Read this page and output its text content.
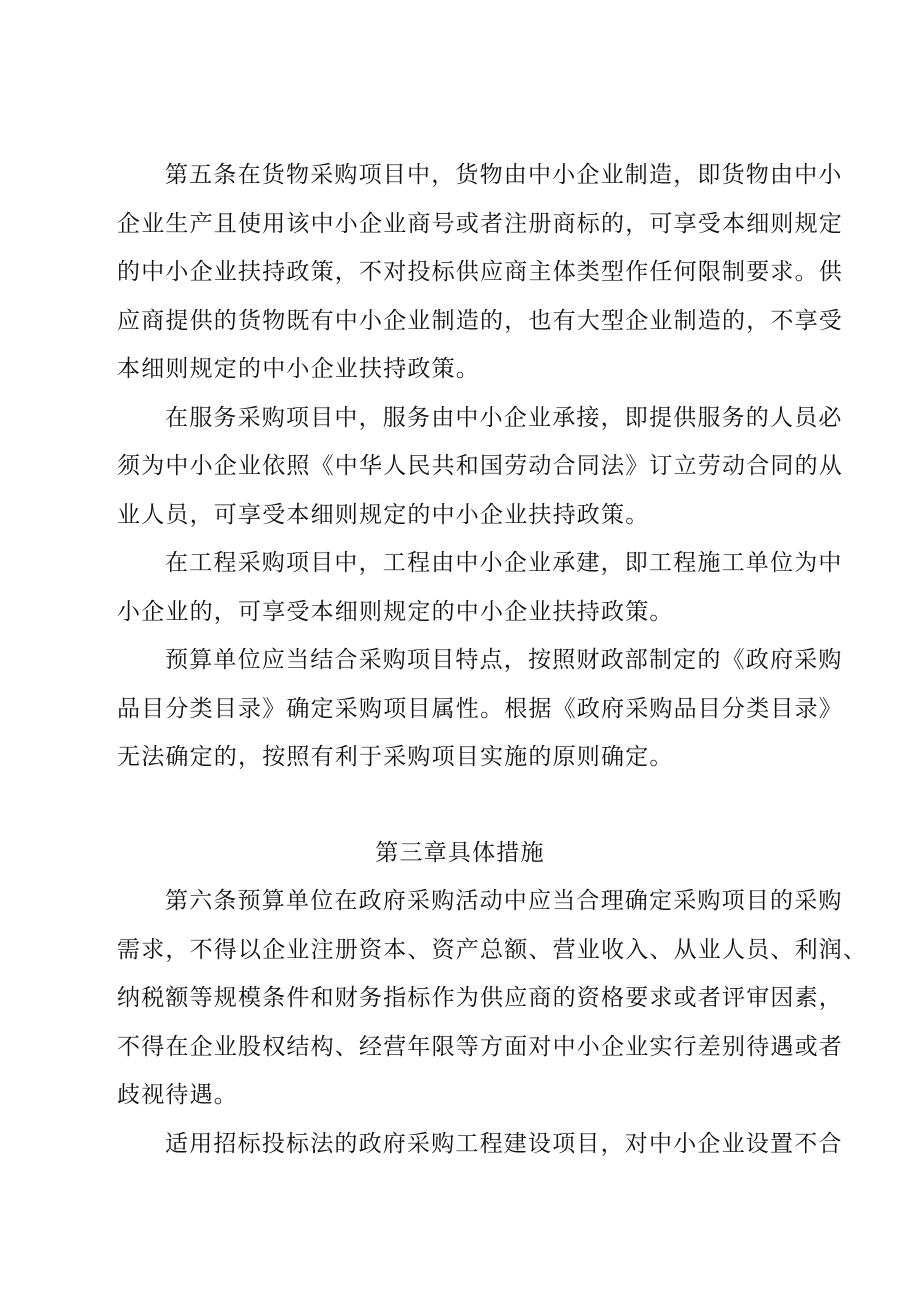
第五条在货物采购项目中，货物由中小企业制造，即货物由中小
企业生产且使用该中小企业商号或者注册商标的，可享受本细则规定
的中小企业扶持政策，不对投标供应商主体类型作任何限制要求。供
应商提供的货物既有中小企业制造的，也有大型企业制造的，不享受
本细则规定的中小企业扶持政策。
在服务采购项目中，服务由中小企业承接，即提供服务的人员必
须为中小企业依照《中华人民共和国劳动合同法》订立劳动合同的从
业人员，可享受本细则规定的中小企业扶持政策。
在工程采购项目中，工程由中小企业承建，即工程施工单位为中
小企业的，可享受本细则规定的中小企业扶持政策。
预算单位应当结合采购项目特点，按照财政部制定的《政府采购
品目分类目录》确定采购项目属性。根据《政府采购品目分类目录》
无法确定的，按照有利于采购项目实施的原则确定。
第三章具体措施
第六条预算单位在政府采购活动中应当合理确定采购项目的采购
需求，不得以企业注册资本、资产总额、营业收入、从业人员、利润、
纳税额等规模条件和财务指标作为供应商的资格要求或者评审因素，
不得在企业股权结构、经营年限等方面对中小企业实行差别待遇或者
歧视待遇。
适用招标投标法的政府采购工程建设项目，对中小企业设置不合
